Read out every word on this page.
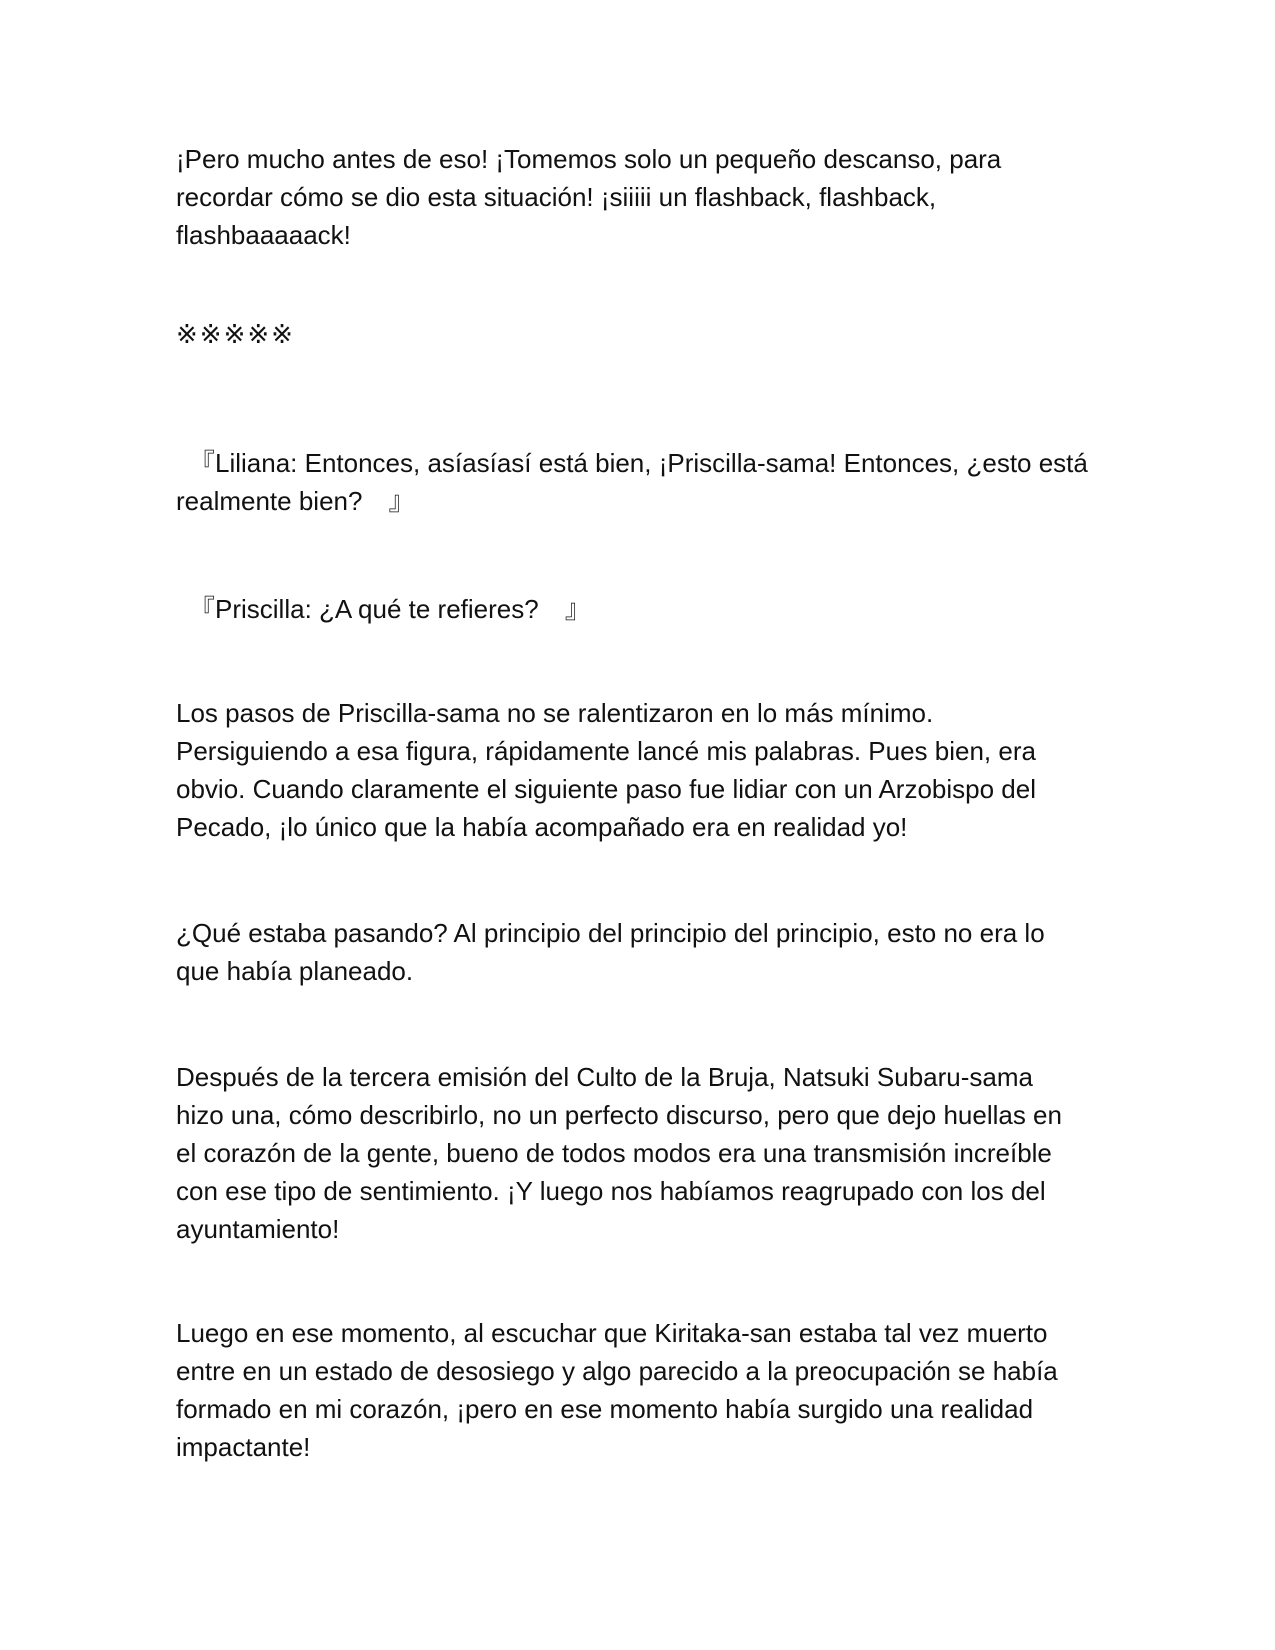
¡Pero mucho antes de eso! ¡Tomemos solo un pequeño descanso, para
recordar cómo se dio esta situación! ¡siiiii un flashback, flashback,
flashbaaaaack!

※※※※※

　『Liliana: Entonces, asíasíasí está bien, ¡Priscilla-sama! Entonces, ¿esto está
realmente bien?　』

　『Priscilla: ¿A qué te refieres?　』

Los pasos de Priscilla-sama no se ralentizaron en lo más mínimo.
Persiguiendo a esa figura, rápidamente lancé mis palabras. Pues bien, era
obvio. Cuando claramente el siguiente paso fue lidiar con un Arzobispo del
Pecado, ¡lo único que la había acompañado era en realidad yo!

¿Qué estaba pasando? Al principio del principio del principio, esto no era lo
que había planeado.

Después de la tercera emisión del Culto de la Bruja, Natsuki Subaru-sama
hizo una, cómo describirlo, no un perfecto discurso, pero que dejo huellas en
el corazón de la gente, bueno de todos modos era una transmisión increíble
con ese tipo de sentimiento. ¡Y luego nos habíamos reagrupado con los del
ayuntamiento!

Luego en ese momento, al escuchar que Kiritaka-san estaba tal vez muerto
entre en un estado de desosiego y algo parecido a la preocupación se había
formado en mi corazón, ¡pero en ese momento había surgido una realidad
impactante!
